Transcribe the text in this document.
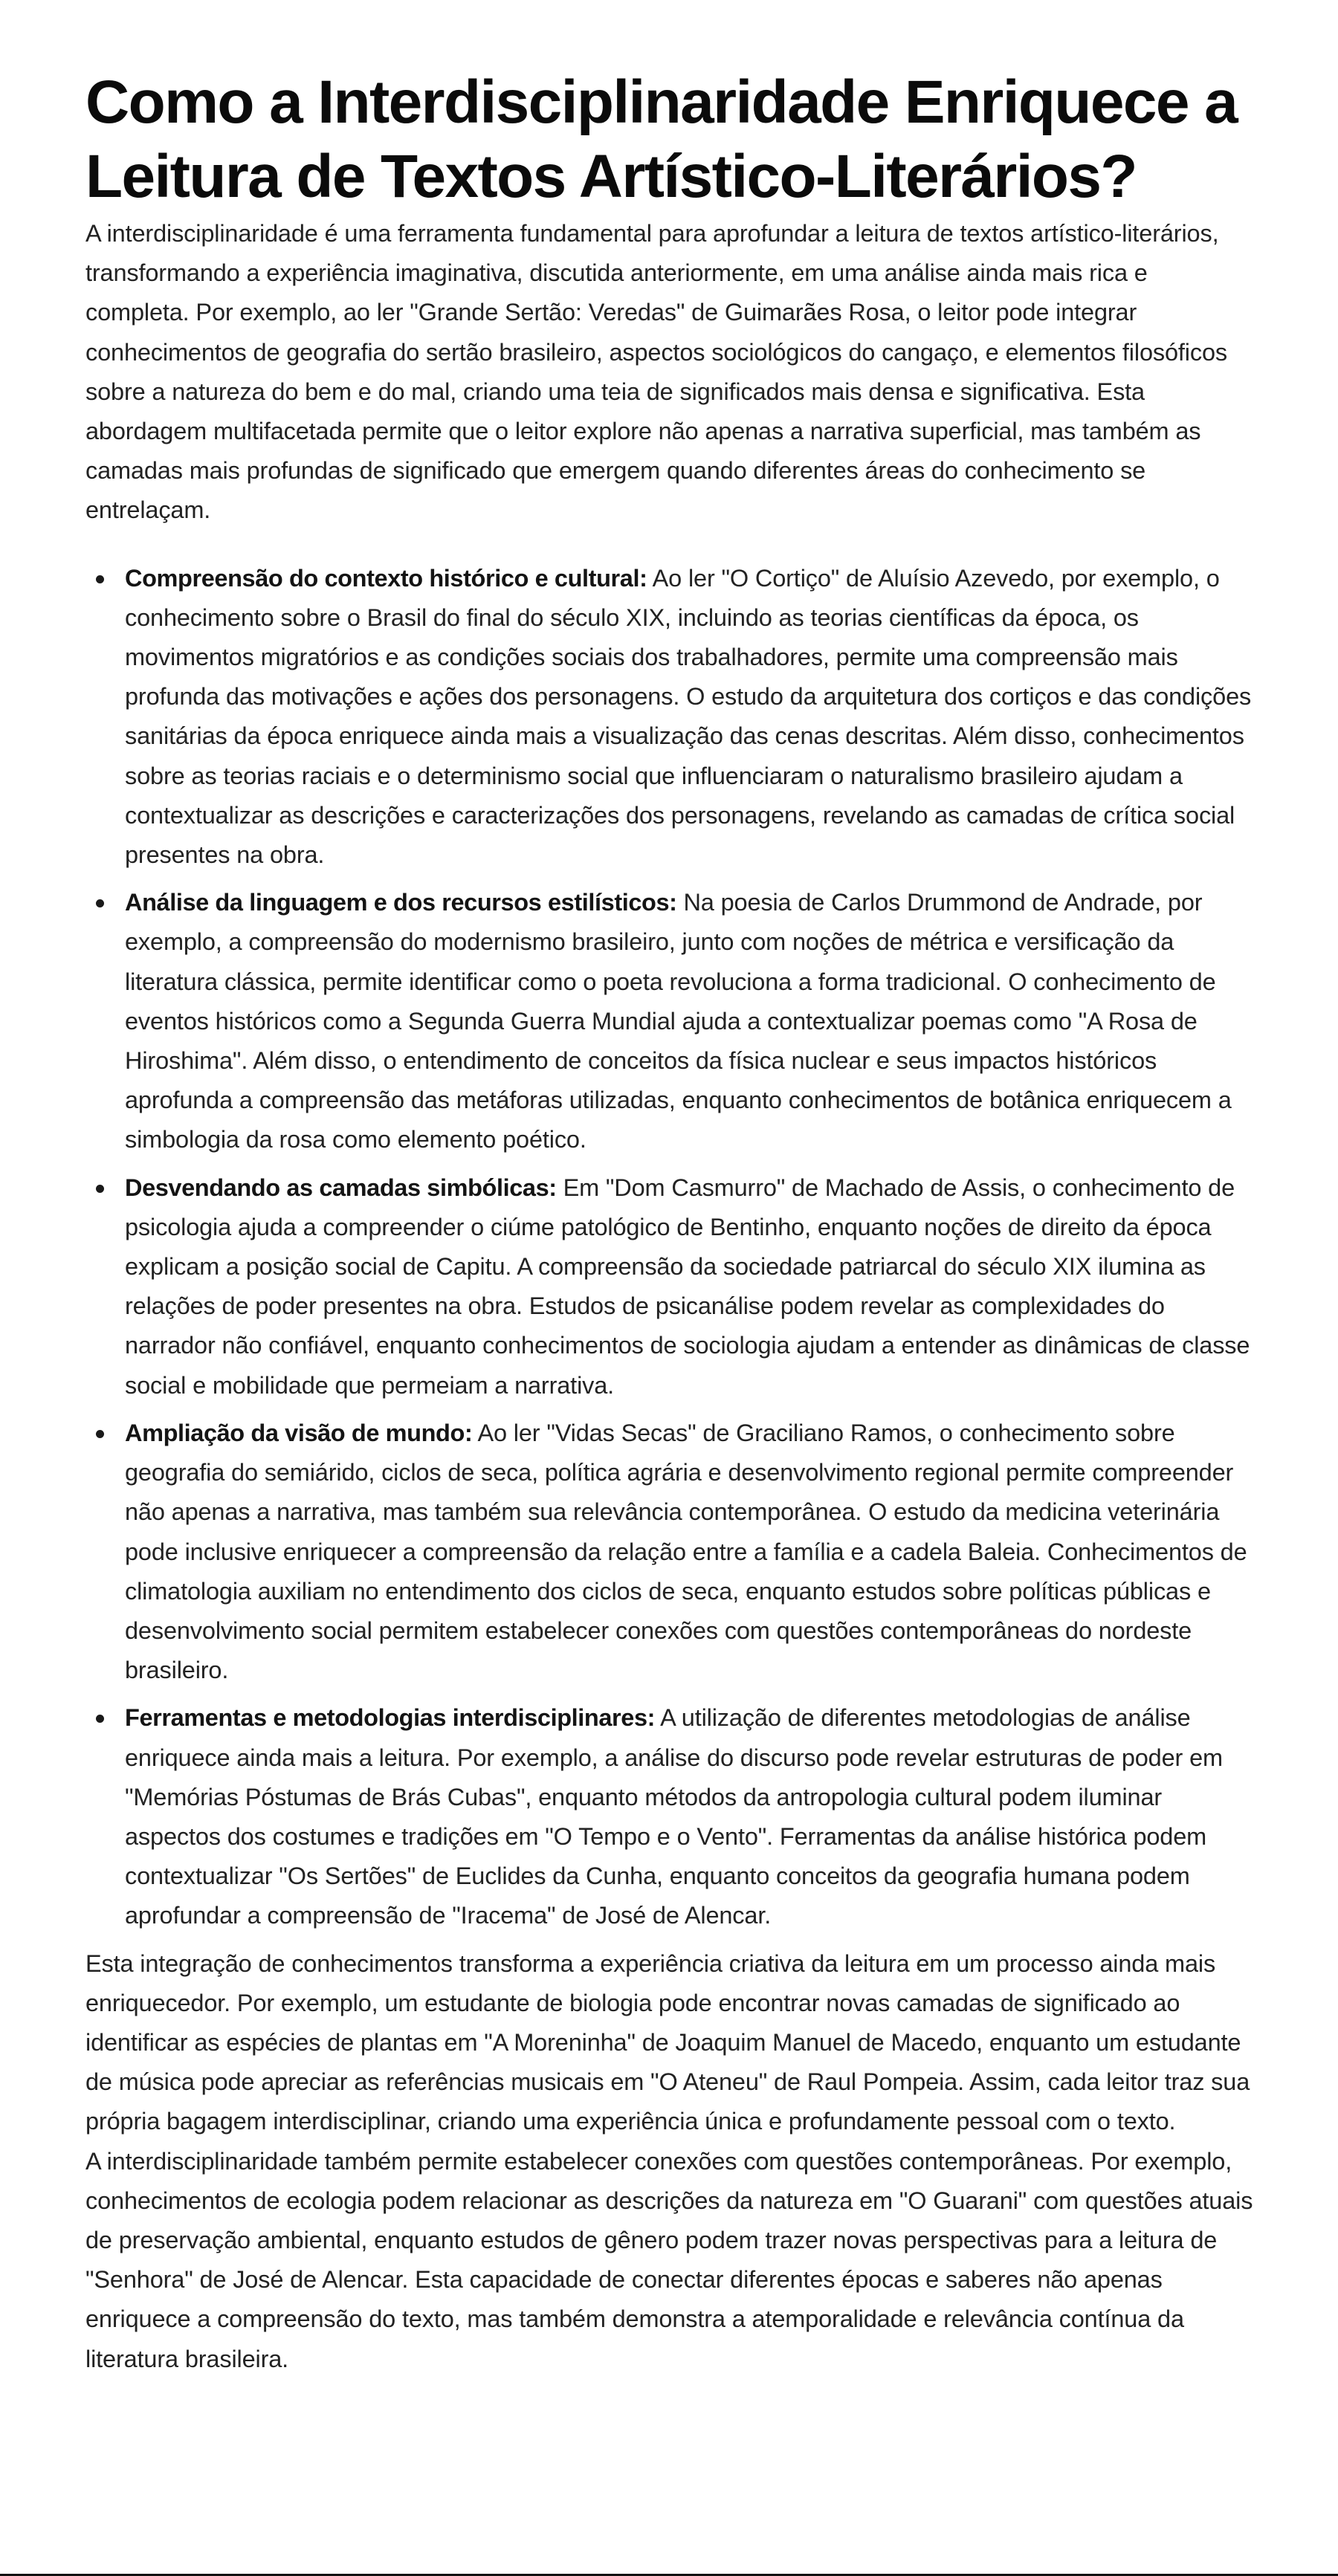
Como a Interdisciplinaridade Enriquece a Leitura de Textos Artístico-Literários?

A interdisciplinaridade é uma ferramenta fundamental para aprofundar a leitura de textos artístico-literários, transformando a experiência imaginativa, discutida anteriormente, em uma análise ainda mais rica e completa. Por exemplo, ao ler "Grande Sertão: Veredas" de Guimarães Rosa, o leitor pode integrar conhecimentos de geografia do sertão brasileiro, aspectos sociológicos do cangaço, e elementos filosóficos sobre a natureza do bem e do mal, criando uma teia de significados mais densa e significativa. Esta abordagem multifacetada permite que o leitor explore não apenas a narrativa superficial, mas também as camadas mais profundas de significado que emergem quando diferentes áreas do conhecimento se entrelaçam.

Compreensão do contexto histórico e cultural: Ao ler "O Cortiço" de Aluísio Azevedo, por exemplo, o conhecimento sobre o Brasil do final do século XIX, incluindo as teorias científicas da época, os movimentos migratórios e as condições sociais dos trabalhadores, permite uma compreensão mais profunda das motivações e ações dos personagens. O estudo da arquitetura dos cortiços e das condições sanitárias da época enriquece ainda mais a visualização das cenas descritas. Além disso, conhecimentos sobre as teorias raciais e o determinismo social que influenciaram o naturalismo brasileiro ajudam a contextualizar as descrições e caracterizações dos personagens, revelando as camadas de crítica social presentes na obra.
Análise da linguagem e dos recursos estilísticos: Na poesia de Carlos Drummond de Andrade, por exemplo, a compreensão do modernismo brasileiro, junto com noções de métrica e versificação da literatura clássica, permite identificar como o poeta revoluciona a forma tradicional. O conhecimento de eventos históricos como a Segunda Guerra Mundial ajuda a contextualizar poemas como "A Rosa de Hiroshima". Além disso, o entendimento de conceitos da física nuclear e seus impactos históricos aprofunda a compreensão das metáforas utilizadas, enquanto conhecimentos de botânica enriquecem a simbologia da rosa como elemento poético.
Desvendando as camadas simbólicas: Em "Dom Casmurro" de Machado de Assis, o conhecimento de psicologia ajuda a compreender o ciúme patológico de Bentinho, enquanto noções de direito da época explicam a posição social de Capitu. A compreensão da sociedade patriarcal do século XIX ilumina as relações de poder presentes na obra. Estudos de psicanálise podem revelar as complexidades do narrador não confiável, enquanto conhecimentos de sociologia ajudam a entender as dinâmicas de classe social e mobilidade que permeiam a narrativa.
Ampliação da visão de mundo: Ao ler "Vidas Secas" de Graciliano Ramos, o conhecimento sobre geografia do semiárido, ciclos de seca, política agrária e desenvolvimento regional permite compreender não apenas a narrativa, mas também sua relevância contemporânea. O estudo da medicina veterinária pode inclusive enriquecer a compreensão da relação entre a família e a cadela Baleia. Conhecimentos de climatologia auxiliam no entendimento dos ciclos de seca, enquanto estudos sobre políticas públicas e desenvolvimento social permitem estabelecer conexões com questões contemporâneas do nordeste brasileiro.
Ferramentas e metodologias interdisciplinares: A utilização de diferentes metodologias de análise enriquece ainda mais a leitura. Por exemplo, a análise do discurso pode revelar estruturas de poder em "Memórias Póstumas de Brás Cubas", enquanto métodos da antropologia cultural podem iluminar aspectos dos costumes e tradições em "O Tempo e o Vento". Ferramentas da análise histórica podem contextualizar "Os Sertões" de Euclides da Cunha, enquanto conceitos da geografia humana podem aprofundar a compreensão de "Iracema" de José de Alencar.

Esta integração de conhecimentos transforma a experiência criativa da leitura em um processo ainda mais enriquecedor. Por exemplo, um estudante de biologia pode encontrar novas camadas de significado ao identificar as espécies de plantas em "A Moreninha" de Joaquim Manuel de Macedo, enquanto um estudante de música pode apreciar as referências musicais em "O Ateneu" de Raul Pompeia. Assim, cada leitor traz sua própria bagagem interdisciplinar, criando uma experiência única e profundamente pessoal com o texto.

A interdisciplinaridade também permite estabelecer conexões com questões contemporâneas. Por exemplo, conhecimentos de ecologia podem relacionar as descrições da natureza em "O Guarani" com questões atuais de preservação ambiental, enquanto estudos de gênero podem trazer novas perspectivas para a leitura de "Senhora" de José de Alencar. Esta capacidade de conectar diferentes épocas e saberes não apenas enriquece a compreensão do texto, mas também demonstra a atemporalidade e relevância contínua da literatura brasileira.
